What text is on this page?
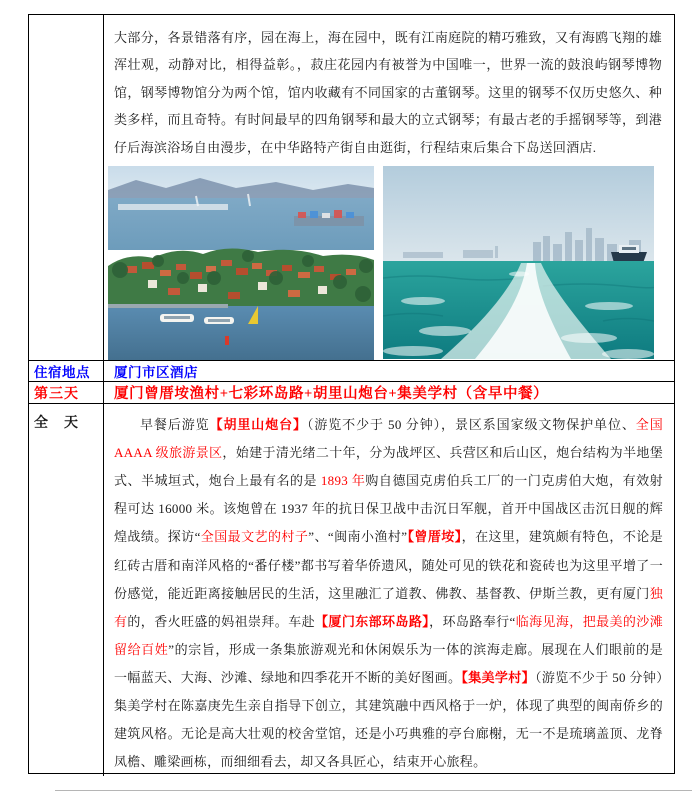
大部分，各景错落有序，园在海上，海在园中，既有江南庭院的精巧雅致，又有海鸥飞翔的雄浑壮观，动静对比，相得益彰。，菽庄花园内有被誉为中国唯一，世界一流的鼓浪屿钢琴博物馆，钢琴博物馆分为两个馆，馆内收藏有不同国家的古董钢琴。这里的钢琴不仅历史悠久、种类多样，而且奇特。有时间最早的四角钢琴和最大的立式钢琴；有最古老的手摇钢琴等，到港仔后海滨浴场自由漫步，在中华路特产街自由逛街，行程结束后集合下岛送回酒店.

住宿地点	厦门市区酒店
第三天	厦门曾厝垵渔村+七彩环岛路+胡里山炮台+集美学村（含早中餐）
全　天	早餐后游览【胡里山炮台】（游览不少于 50 分钟），景区系国家级文物保护单位、全国 AAAA 级旅游景区，始建于清光绪二十年，分为战坪区、兵营区和后山区，炮台结构为半地堡式、半城垣式，炮台上最有名的是 1893 年购自德国克虏伯兵工厂的一门克虏伯大炮，有效射程可达 16000 米。该炮曾在 1937 年的抗日保卫战中击沉日军舰，首开中国战区击沉日舰的辉煌战绩。探访“全国最文艺的村子”、“闽南小渔村”【曾厝垵】，在这里，建筑颇有特色，不论是红砖古厝和南洋风格的“番仔楼”都书写着华侨遗风，随处可见的铁花和瓷砖也为这里平增了一份感觉，能近距离接触居民的生活，这里融汇了道教、佛教、基督教、伊斯兰教，更有厦门独有的，香火旺盛的妈祖崇拜。车赴【厦门东部环岛路】，环岛路奉行“临海见海，把最美的沙滩留给百姓”的宗旨，形成一条集旅游观光和休闲娱乐为一体的滨海走廊。展现在人们眼前的是一幅蓝天、大海、沙滩、绿地和四季花开不断的美好图画。【集美学村】（游览不少于 50 分钟）集美学村在陈嘉庚先生亲自指导下创立，其建筑融中西风格于一炉，体现了典型的闽南侨乡的建筑风格。无论是高大壮观的校舍堂馆，还是小巧典雅的亭台廊榭，无一不是琉璃盖顶、龙脊凤檐、雕梁画栋，而细细看去，却又各具匠心，结束开心旅程。
